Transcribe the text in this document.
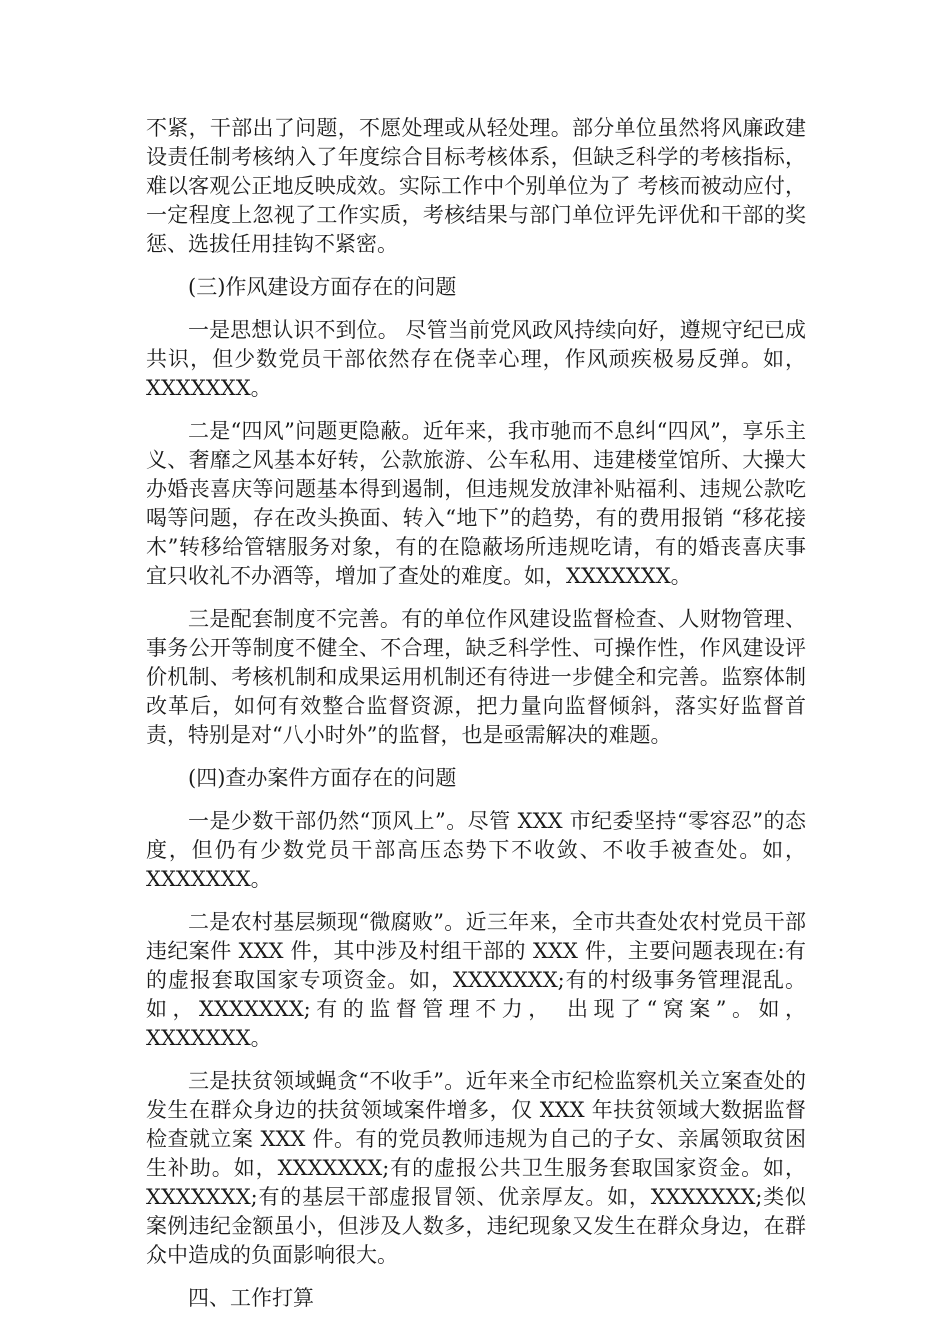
不紧，干部出了问题，不愿处理或从轻处理。部分单位虽然将风廉政建设责任制考核纳入了年度综合目标考核体系，但缺乏科学的考核指标，难以客观公正地反映成效。实际工作中个别单位为了 考核而被动应付，一定程度上忽视了工作实质，考核结果与部门单位评先评优和干部的奖惩、选拔任用挂钩不紧密。

(三)作风建设方面存在的问题

一是思想认识不到位。 尽管当前党风政风持续向好，遵规守纪已成共识，但少数党员干部依然存在侥幸心理，作风顽疾极易反弹。如，XXXXXXX。

二是“四风”问题更隐蔽。近年来，我市驰而不息纠“四风”，享乐主义、奢靡之风基本好转，公款旅游、公车私用、违建楼堂馆所、大操大办婚丧喜庆等问题基本得到遏制，但违规发放津补贴福利、违规公款吃喝等问题，存在改头换面、转入“地下”的趋势，有的费用报销 “移花接木”转移给管辖服务对象，有的在隐蔽场所违规吃请，有的婚丧喜庆事宜只收礼不办酒等，增加了查处的难度。如，XXXXXXX。

三是配套制度不完善。有的单位作风建设监督检查、人财物管理、事务公开等制度不健全、不合理，缺乏科学性、可操作性，作风建设评价机制、考核机制和成果运用机制还有待进一步健全和完善。监察体制改革后，如何有效整合监督资源，把力量向监督倾斜，落实好监督首责，特别是对“八小时外”的监督，也是亟需解决的难题。

(四)查办案件方面存在的问题

一是少数干部仍然“顶风上”。尽管 XXX 市纪委坚持“零容忍”的态度，但仍有少数党员干部高压态势下不收敛、不收手被查处。如，XXXXXXX。

二是农村基层频现“微腐败”。近三年来，全市共查处农村党员干部违纪案件 XXX 件，其中涉及村组干部的 XXX 件，主要问题表现在:有的虚报套取国家专项资金。如，XXXXXXX;有的村级事务管理混乱。如，XXXXXXX;有的监督管理不力， 出现了“窝案”。如，XXXXXXX。

三是扶贫领域蝇贪“不收手”。近年来全市纪检监察机关立案查处的发生在群众身边的扶贫领域案件增多，仅 XXX 年扶贫领域大数据监督检查就立案 XXX 件。有的党员教师违规为自己的子女、亲属领取贫困生补助。如，XXXXXXX;有的虚报公共卫生服务套取国家资金。如，XXXXXXX;有的基层干部虚报冒领、优亲厚友。如，XXXXXXX;类似案例违纪金额虽小，但涉及人数多，违纪现象又发生在群众身边，在群众中造成的负面影响很大。

四、工作打算
